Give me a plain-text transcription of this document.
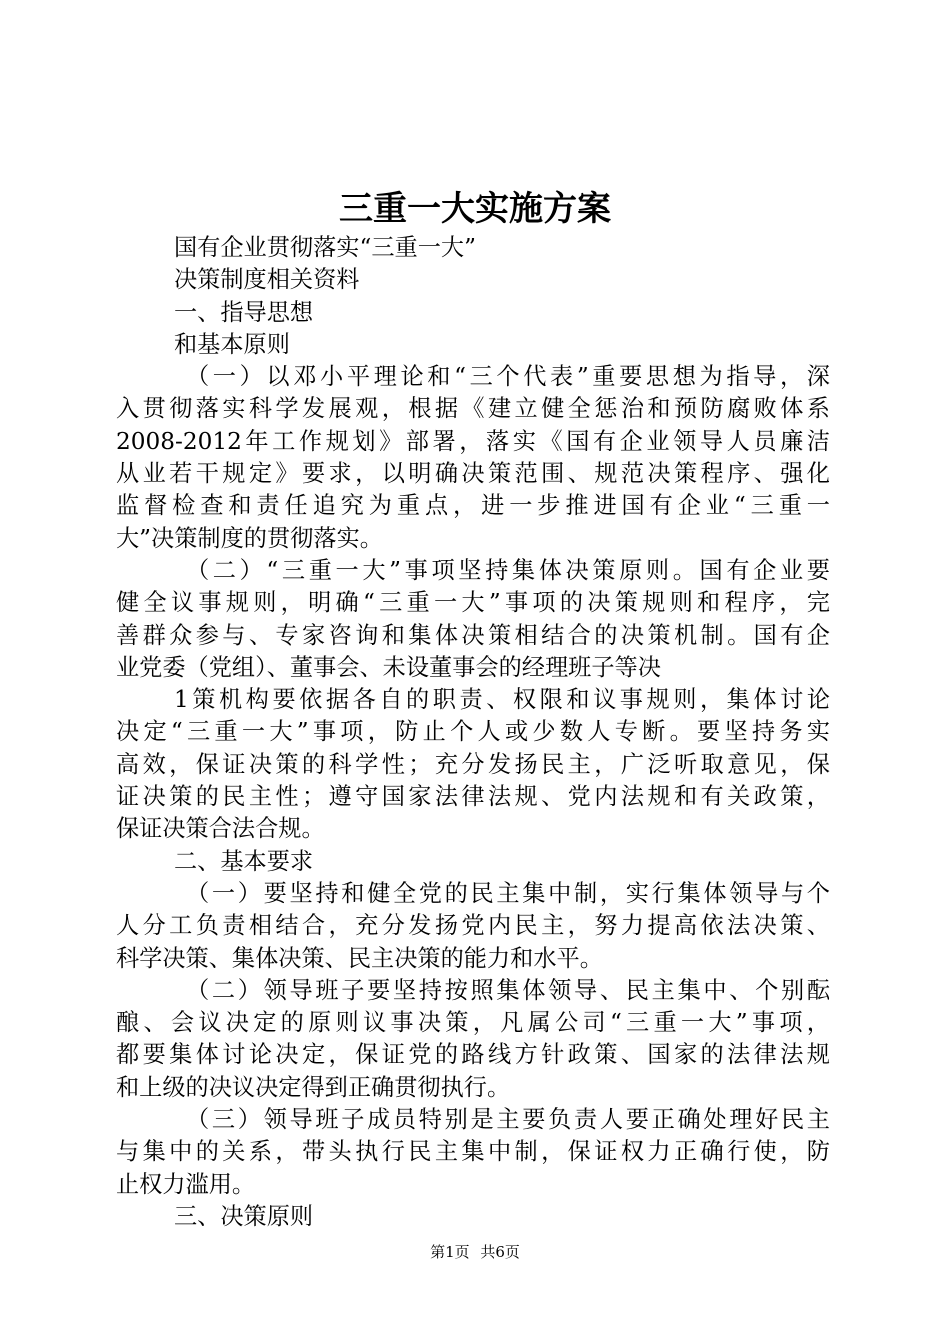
三重一大实施方案
国有企业贯彻落实“三重一大”
决策制度相关资料
一、指导思想
和基本原则
（一）以邓小平理论和“三个代表”重要思想为指导，深
入贯彻落实科学发展观，根据《建立健全惩治和预防腐败体系
2008-2012年工作规划》部署，落实《国有企业领导人员廉洁
从业若干规定》要求，以明确决策范围、规范决策程序、强化
监督检查和责任追究为重点，进一步推进国有企业“三重一
大”决策制度的贯彻落实。
（二）“三重一大”事项坚持集体决策原则。国有企业要
健全议事规则，明确“三重一大”事项的决策规则和程序，完
善群众参与、专家咨询和集体决策相结合的决策机制。国有企
业党委（党组）、董事会、未设董事会的经理班子等决
1策机构要依据各自的职责、权限和议事规则，集体讨论
决定“三重一大”事项，防止个人或少数人专断。要坚持务实
高效，保证决策的科学性；充分发扬民主，广泛听取意见，保
证决策的民主性；遵守国家法律法规、党内法规和有关政策，
保证决策合法合规。
二、基本要求
（一）要坚持和健全党的民主集中制，实行集体领导与个
人分工负责相结合，充分发扬党内民主，努力提高依法决策、
科学决策、集体决策、民主决策的能力和水平。
（二）领导班子要坚持按照集体领导、民主集中、个别酝
酿、会议决定的原则议事决策，凡属公司“三重一大”事项，
都要集体讨论决定，保证党的路线方针政策、国家的法律法规
和上级的决议决定得到正确贯彻执行。
（三）领导班子成员特别是主要负责人要正确处理好民主
与集中的关系，带头执行民主集中制，保证权力正确行使，防
止权力滥用。
三、决策原则
第1页 共6页
